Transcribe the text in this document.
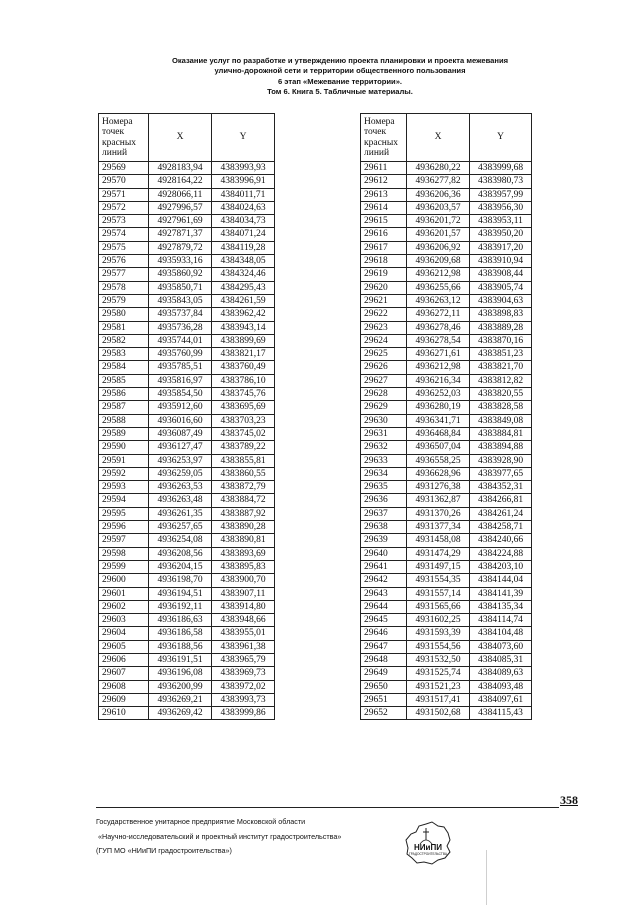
Оказание услуг по разработке и утверждению проекта планировки и проекта межевания
улично-дорожной сети и территории общественного пользования
6 этап «Межевание территории».
Том 6. Книга 5. Табличные материалы.
Номера точек красных линий	X	Y
29569	4928183,94	4383993,93
29570	4928164,22	4383996,91
29571	4928066,11	4384011,71
29572	4927996,57	4384024,63
29573	4927961,69	4384034,73
29574	4927871,37	4384071,24
29575	4927879,72	4384119,28
29576	4935933,16	4384348,05
29577	4935860,92	4384324,46
29578	4935850,71	4384295,43
29579	4935843,05	4384261,59
29580	4935737,84	4383962,42
29581	4935736,28	4383943,14
29582	4935744,01	4383899,69
29583	4935760,99	4383821,17
29584	4935785,51	4383760,49
29585	4935816,97	4383786,10
29586	4935854,50	4383745,76
29587	4935912,60	4383695,69
29588	4936016,60	4383703,23
29589	4936087,49	4383745,02
29590	4936127,47	4383789,22
29591	4936253,97	4383855,81
29592	4936259,05	4383860,55
29593	4936263,53	4383872,79
29594	4936263,48	4383884,72
29595	4936261,35	4383887,92
29596	4936257,65	4383890,28
29597	4936254,08	4383890,81
29598	4936208,56	4383893,69
29599	4936204,15	4383895,83
29600	4936198,70	4383900,70
29601	4936194,51	4383907,11
29602	4936192,11	4383914,80
29603	4936186,63	4383948,66
29604	4936186,58	4383955,01
29605	4936188,56	4383961,38
29606	4936191,51	4383965,79
29607	4936196,08	4383969,73
29608	4936200,99	4383972,02
29609	4936269,21	4383993,73
29610	4936269,42	4383999,86
Номера точек красных линий	X	Y
29611	4936280,22	4383999,68
29612	4936277,82	4383980,73
29613	4936206,36	4383957,99
29614	4936203,57	4383956,30
29615	4936201,72	4383953,11
29616	4936201,57	4383950,20
29617	4936206,92	4383917,20
29618	4936209,68	4383910,94
29619	4936212,98	4383908,44
29620	4936255,66	4383905,74
29621	4936263,12	4383904,63
29622	4936272,11	4383898,83
29623	4936278,46	4383889,28
29624	4936278,54	4383870,16
29625	4936271,61	4383851,23
29626	4936212,98	4383821,70
29627	4936216,34	4383812,82
29628	4936252,03	4383820,55
29629	4936280,19	4383828,58
29630	4936341,71	4383849,08
29631	4936468,84	4383884,81
29632	4936507,04	4383894,88
29633	4936558,25	4383928,90
29634	4936628,96	4383977,65
29635	4931276,38	4384352,31
29636	4931362,87	4384266,81
29637	4931370,26	4384261,24
29638	4931377,34	4384258,71
29639	4931458,08	4384240,66
29640	4931474,29	4384224,88
29641	4931497,15	4384203,10
29642	4931554,35	4384144,04
29643	4931557,14	4384141,39
29644	4931565,66	4384135,34
29645	4931602,25	4384114,74
29646	4931593,39	4384104,48
29647	4931554,56	4384073,60
29648	4931532,50	4384085,31
29649	4931525,74	4384089,63
29650	4931521,23	4384093,48
29651	4931517,41	4384097,61
29652	4931502,68	4384115,43
358
Государственное унитарное предприятие Московской области
«Научно-исследовательский и проектный институт градостроительства»
(ГУП МО «НИиПИ градостроительства»)	НИиПИ
ГРАДОСТРОИТЕЛЬСТВА
